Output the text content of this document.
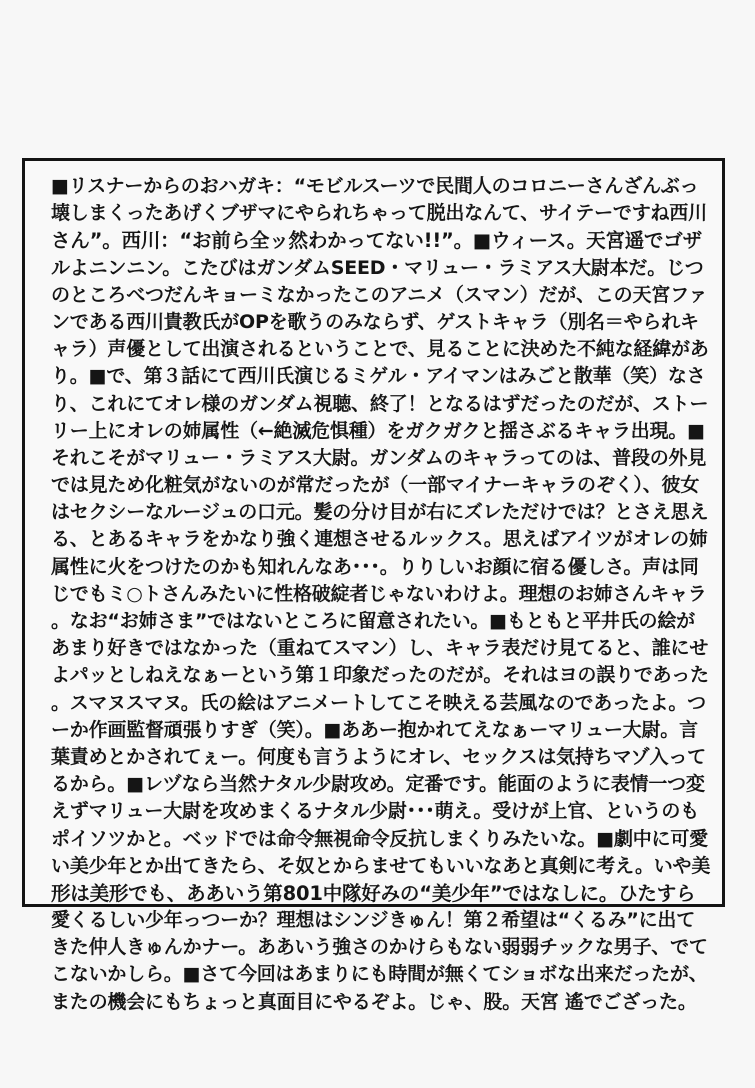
■リスナーからのおハガキ：“モビルスーツで民間人のコロニーさんざんぶっ
壊しまくったあげくブザマにやられちゃって脱出なんて、サイテーですね西川
さん”。西川：“お前ら全ッ然わかってない!!”。■ウィース。天宮遥でゴザ
ルよニンニン。こたびはガンダムSEED・マリュー・ラミアス大尉本だ。じつ
のところべつだんキョーミなかったこのアニメ（スマン）だが、この天宮ファ
ンである西川貴教氏がOPを歌うのみならず、ゲストキャラ（別名＝やられキ
ャラ）声優として出演されるということで、見ることに決めた不純な経緯があ
り。■で、第３話にて西川氏演じるミゲル・アイマンはみごと散華（笑）なさ
り、これにてオレ様のガンダム視聴、終了！となるはずだったのだが、ストー
リー上にオレの姉属性（←絶滅危惧種）をガクガクと揺さぶるキャラ出現。■
それこそがマリュー・ラミアス大尉。ガンダムのキャラってのは、普段の外見
では見ため化粧気がないのが常だったが（一部マイナーキャラのぞく）、彼女
はセクシーなルージュの口元。髪の分け目が右にズレただけでは？とさえ思え
る、とあるキャラをかなり強く連想させるルックス。思えばアイツがオレの姉
属性に火をつけたのかも知れんなあ･･･。りりしいお顔に宿る優しさ。声は同
じでもミ○トさんみたいに性格破綻者じゃないわけよ。理想のお姉さんキャラ
。なお“お姉さま”ではないところに留意されたい。■もともと平井氏の絵が
あまり好きではなかった（重ねてスマン）し、キャラ表だけ見てると、誰にせ
よパッとしねえなぁーという第１印象だったのだが。それはヨの誤りであった
。スマヌスマヌ。氏の絵はアニメートしてこそ映える芸風なのであったよ。つ
ーか作画監督頑張りすぎ（笑）。■ああー抱かれてえなぁーマリュー大尉。言
葉責めとかされてぇー。何度も言うようにオレ、セックスは気持ちマゾ入って
るから。■レヅなら当然ナタル少尉攻め。定番です。能面のように表情一つ変
えずマリュー大尉を攻めまくるナタル少尉･･･萌え。受けが上官、というのも
ポイソツかと。ベッドでは命令無視命令反抗しまくりみたいな。■劇中に可愛
い美少年とか出てきたら、そ奴とからませてもいいなあと真剣に考え。いや美
形は美形でも、ああいう第801中隊好みの“美少年”ではなしに。ひたすら
愛くるしい少年っつーか？理想はシンジきゅん！第２希望は“くるみ”に出て
きた仲人きゅんかナー。ああいう強さのかけらもない弱弱チックな男子、でて
こないかしら。■さて今回はあまりにも時間が無くてショボな出来だったが、
またの機会にもちょっと真面目にやるぞよ。じゃ、股。天宮 遙でござった。
